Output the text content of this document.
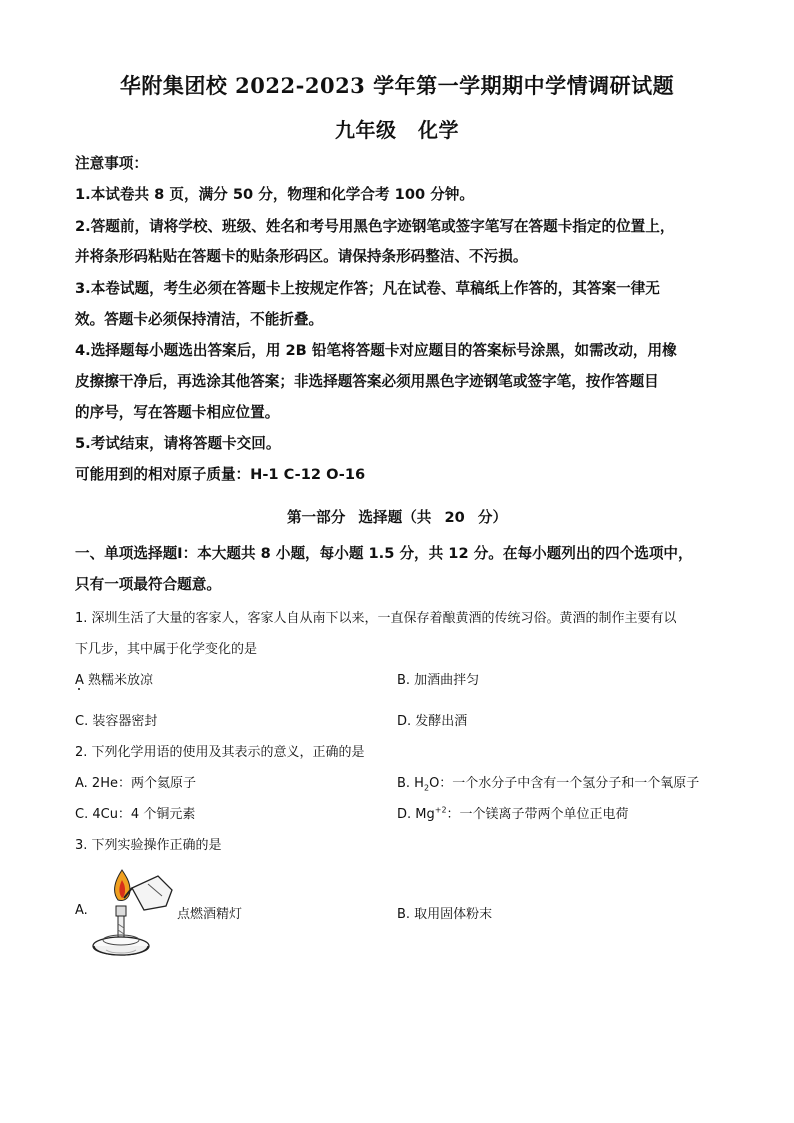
华附集团校 2022-2023 学年第一学期期中学情调研试题
九年级 化学
注意事项：
1.本试卷共 8 页，满分 50 分，物理和化学合考 100 分钟。
2.答题前，请将学校、班级、姓名和考号用黑色字迹钢笔或签字笔写在答题卡指定的位置上，
并将条形码粘贴在答题卡的贴条形码区。请保持条形码整洁、不污损。
3.本卷试题，考生必须在答题卡上按规定作答；凡在试卷、草稿纸上作答的，其答案一律无
效。答题卡必须保持清洁，不能折叠。
4.选择题每小题选出答案后，用 2B 铅笔将答题卡对应题目的答案标号涂黑，如需改动，用橡
皮擦擦干净后，再选涂其他答案；非选择题答案必须用黑色字迹钢笔或签字笔，按作答题目
的序号，写在答题卡相应位置。
5.考试结束，请将答题卡交回。
可能用到的相对原子质量：H-1 C-12 O-16
第一部分 选择题（共 20 分）
一、单项选择题Ⅰ：本大题共 8 小题，每小题 1.5 分，共 12 分。在每小题列出的四个选项中，
只有一项最符合题意。
1. 深圳生活了大量的客家人，客家人自从南下以来，一直保存着酿黄酒的传统习俗。黄酒的制作主要有以
下几步，其中属于化学变化的是
A 熟糯米放凉	B. 加酒曲拌匀
C. 装容器密封	D. 发酵出酒
2. 下列化学用语的使用及其表示的意义，正确的是
A. 2He：两个氦原子	B. $H_2O$：一个水分子中含有一个氢分子和一个氧原子
C. 4Cu：4 个铜元素	D. $Mg^{+2}$：一个镁离子带两个单位正电荷
3. 下列实验操作正确的是
A.	点燃酒精灯	B. 取用固体粉末
